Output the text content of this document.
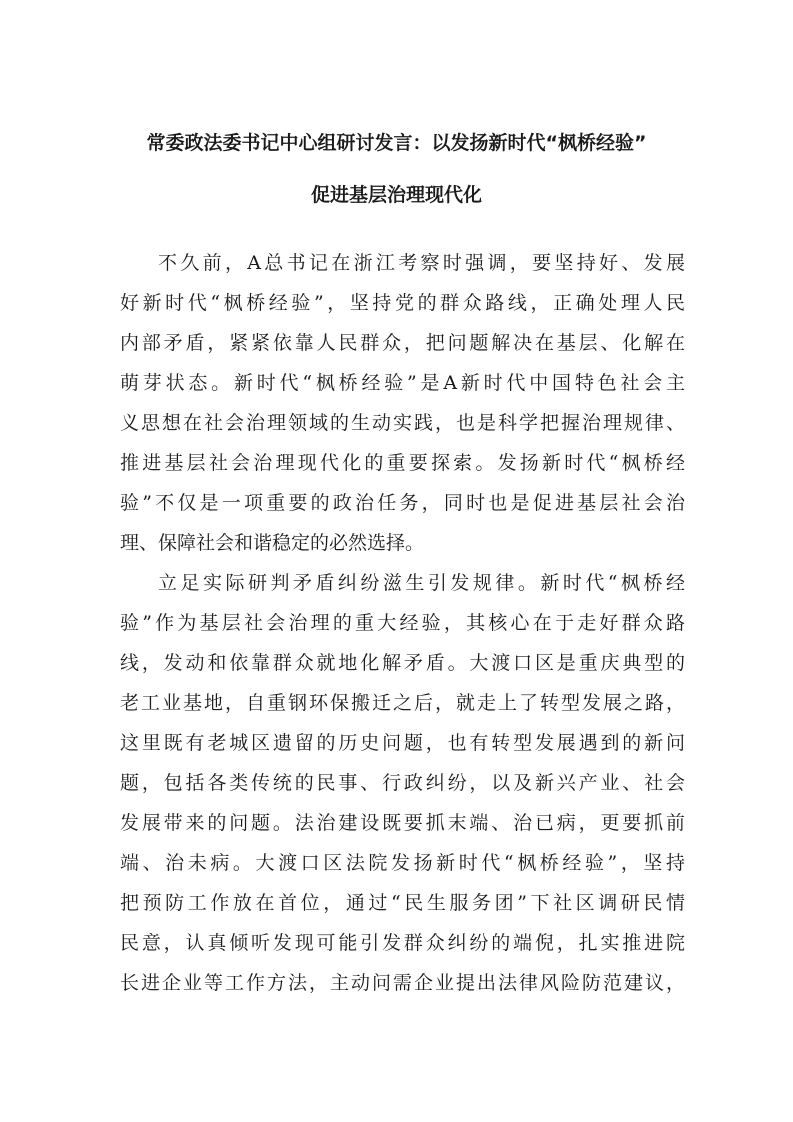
常委政法委书记中心组研讨发言：以发扬新时代“枫桥经验”
促进基层治理现代化

不久前，A总书记在浙江考察时强调，要坚持好、发展
好新时代“枫桥经验”，坚持党的群众路线，正确处理人民
内部矛盾，紧紧依靠人民群众，把问题解决在基层、化解在
萌芽状态。新时代“枫桥经验”是A新时代中国特色社会主
义思想在社会治理领域的生动实践，也是科学把握治理规律、
推进基层社会治理现代化的重要探索。发扬新时代“枫桥经
验”不仅是一项重要的政治任务，同时也是促进基层社会治
理、保障社会和谐稳定的必然选择。

立足实际研判矛盾纠纷滋生引发规律。新时代“枫桥经
验”作为基层社会治理的重大经验，其核心在于走好群众路
线，发动和依靠群众就地化解矛盾。大渡口区是重庆典型的
老工业基地，自重钢环保搬迁之后，就走上了转型发展之路，
这里既有老城区遗留的历史问题，也有转型发展遇到的新问
题，包括各类传统的民事、行政纠纷，以及新兴产业、社会
发展带来的问题。法治建设既要抓末端、治已病，更要抓前
端、治未病。大渡口区法院发扬新时代“枫桥经验”，坚持
把预防工作放在首位，通过“民生服务团”下社区调研民情
民意，认真倾听发现可能引发群众纠纷的端倪，扎实推进院
长进企业等工作方法，主动问需企业提出法律风险防范建议，
